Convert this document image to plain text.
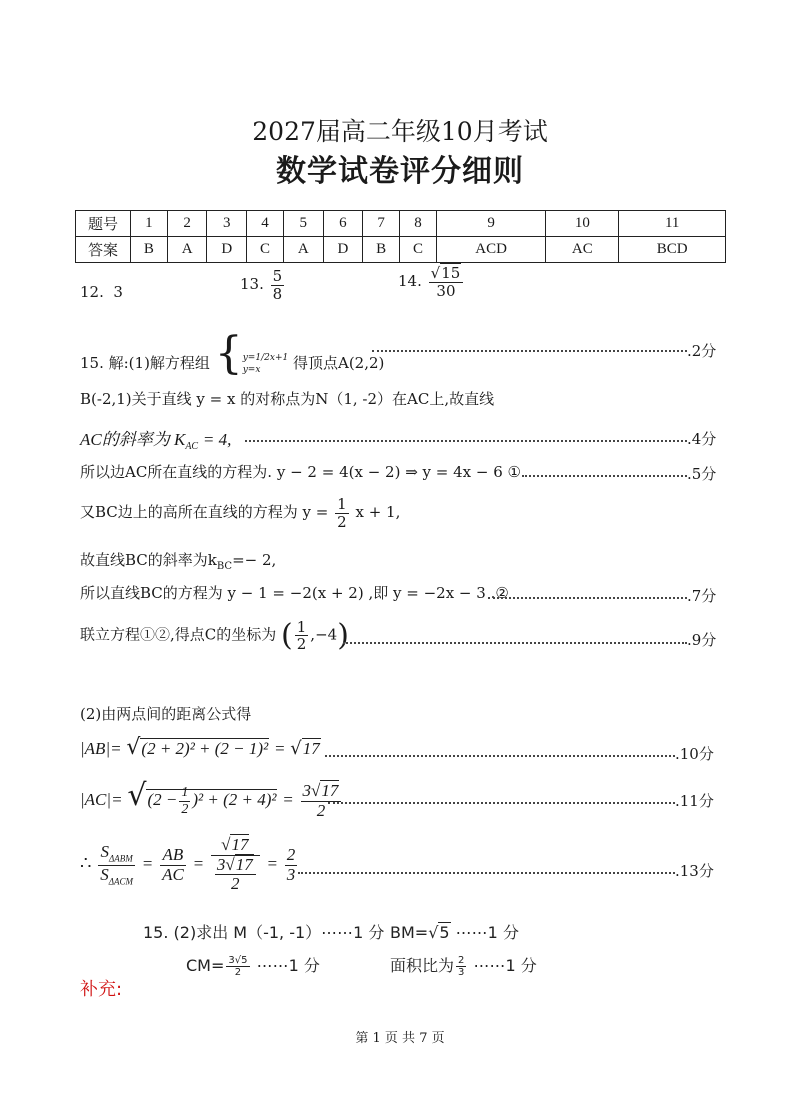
2027届高二年级10月考试
数学试卷评分细则
题号	1	2	3	4	5	6	7	8	9	10	11
答案	B	A	D	C	A	D	B	C	ACD	AC	BCD
12. 3	13. $\frac{5}{8}$	14. $\frac{√15}{30}$
15. 解:(1)解方程组 {y=1/2x+1
y=x 得顶点A(2,2)
.2分
B(-2,1)关于直线 y = x 的对称点为N（1, -2）在AC上,故直线
AC的斜率为 $K_{AC} = 4$,	.4分
所以边AC所在直线的方程为. y − 2 = 4(x − 2) ⇒ y = 4x − 6 ①	.5分
又BC边上的高所在直线的方程为 $y = \frac{1}{2}$ x + 1,
故直线BC的斜率为$k_{BC}=- 2$,
所以直线BC的方程为 y − 1 = −2(x + 2) ,即 y = −2x − 3 .②	.7分
联立方程①②,得点C的坐标为 ( $\frac{1}{2} ,-4$)	.9分
(2)由两点间的距离公式得
|AB|= √(2 + 2)² + (2 − 1)² = √17	.10分
$|AC|= √(2 - \frac{1}{2} )^2 + (2 + 4)^2 = \frac{3√17}{2}$	.11分
∴ $\frac{S_{\Delta ABM}}{S_{\Delta ACM}} = \frac{AB}{AC} = \frac{√17}{\frac{3√17}{2}} = \frac{2}{3}$	.13分
15. (2)求出 M（-1, -1）⋯⋯1 分 BM=√5 ⋯⋯1 分
$CM= \frac{3√5}{2}$ ⋯⋯1 分	面积比为 $\frac{2}{3}$ ⋯⋯1 分
补充:
第 1 页 共 7 页
